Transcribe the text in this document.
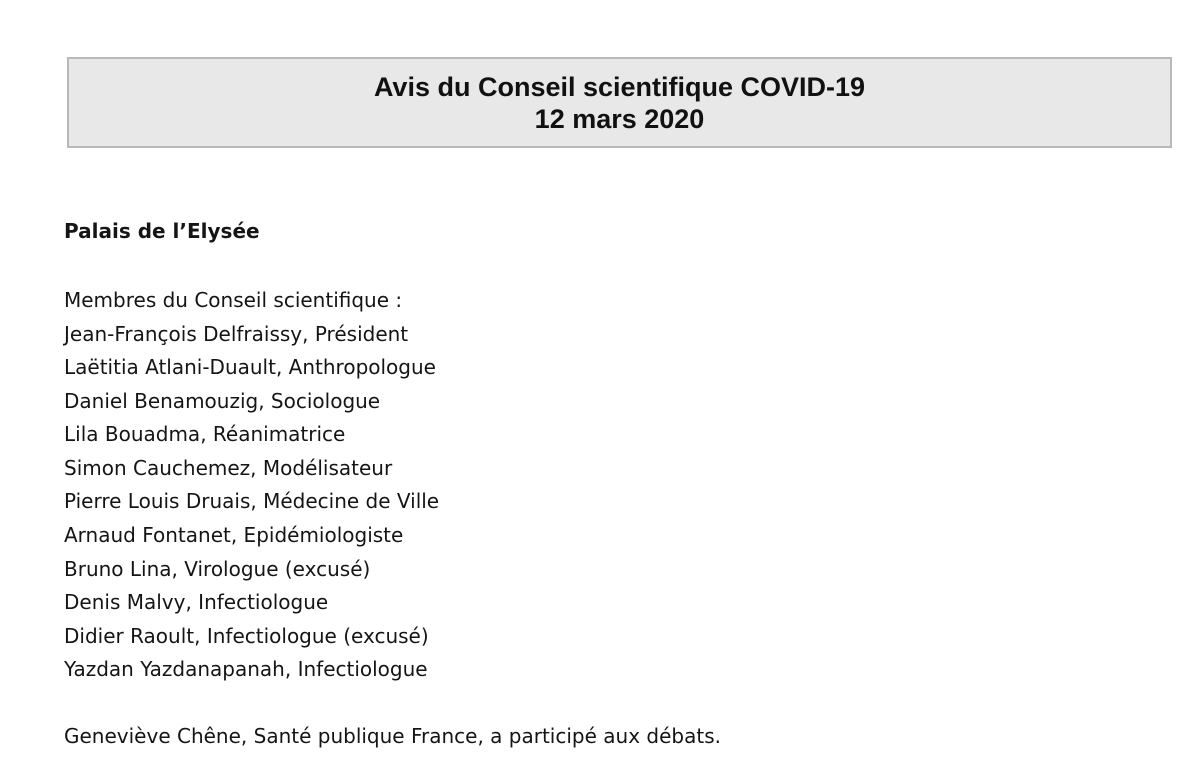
Avis du Conseil scientifique COVID-19
12 mars 2020
Palais de l’Elysée
Membres du Conseil scientifique :
Jean-François Delfraissy, Président
Laëtitia Atlani-Duault, Anthropologue
Daniel Benamouzig, Sociologue
Lila Bouadma, Réanimatrice
Simon Cauchemez, Modélisateur
Pierre Louis Druais, Médecine de Ville
Arnaud Fontanet, Epidémiologiste
Bruno Lina, Virologue (excusé)
Denis Malvy, Infectiologue
Didier Raoult, Infectiologue (excusé)
Yazdan Yazdanapanah, Infectiologue
Geneviève Chêne, Santé publique France, a participé aux débats.
